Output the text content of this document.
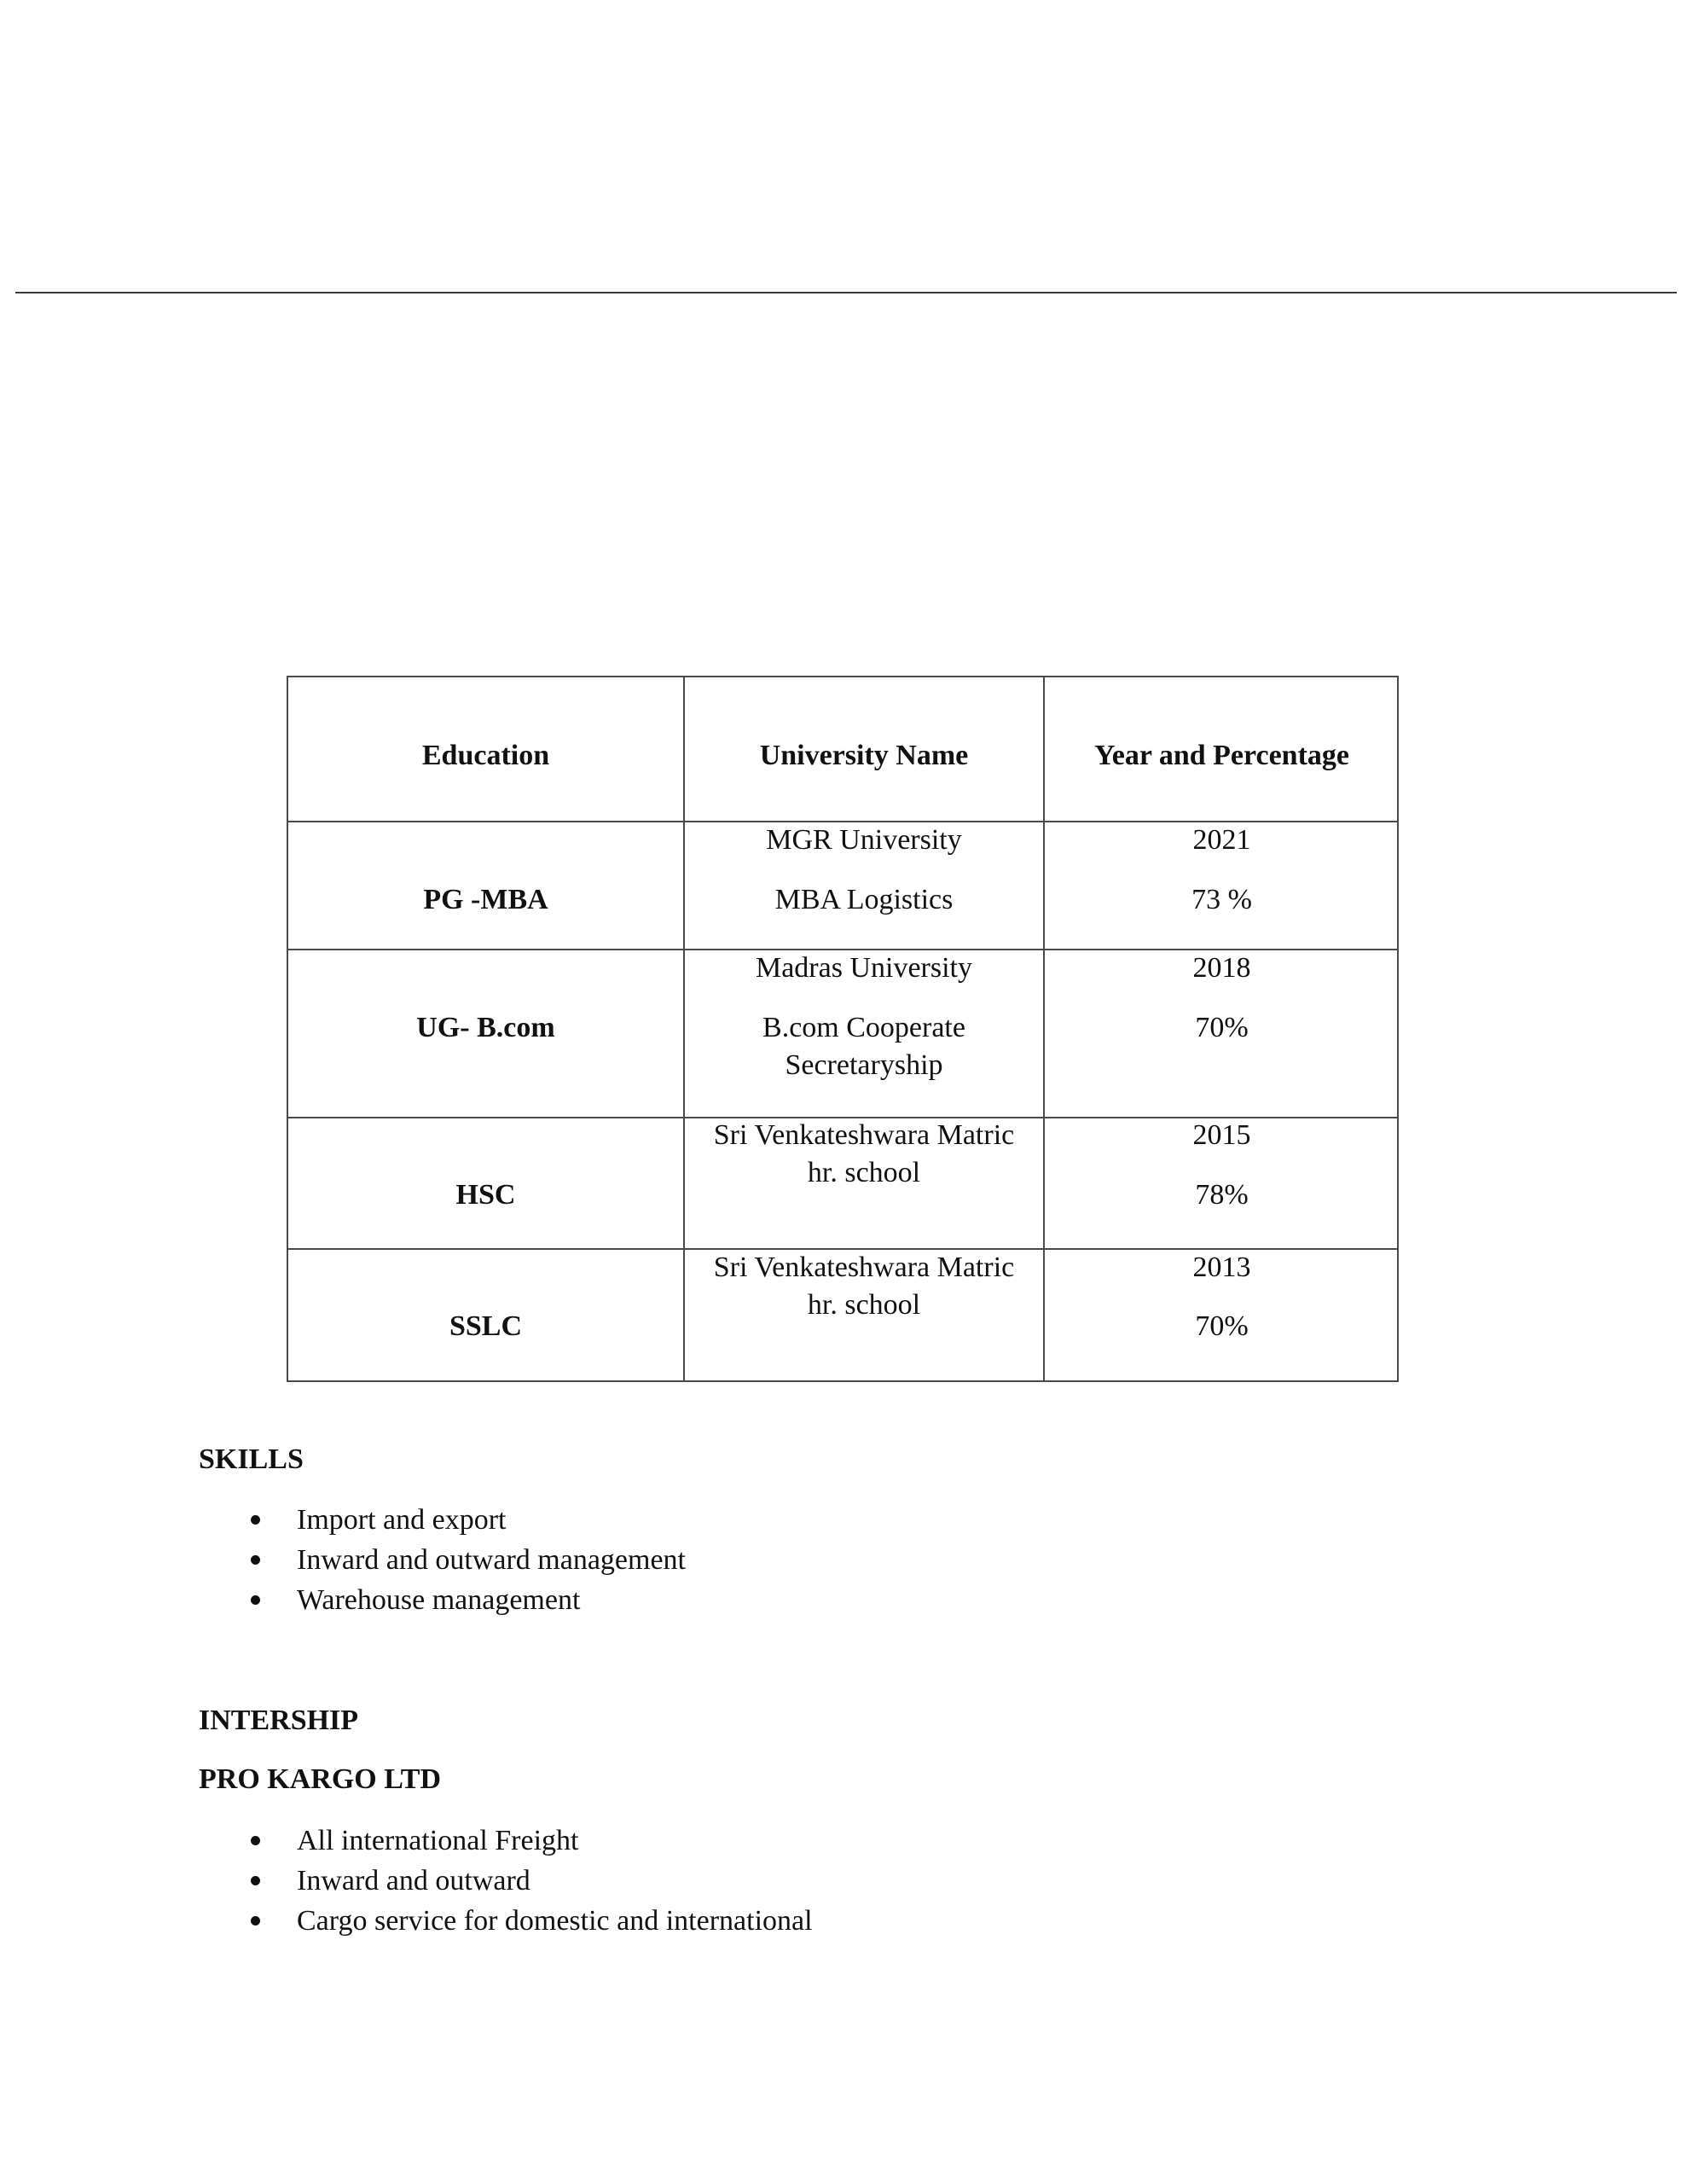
Education	University Name	Year and Percentage
PG -MBA
MGR University
MBA Logistics
2021
73 %
UG- B.com
Madras University
B.com Cooperate
Secretaryship
2018
70%
HSC
Sri Venkateshwara Matric
hr. school
2015
78%
SSLC
Sri Venkateshwara Matric
hr. school
2013
70%
SKILLS
Import and export
Inward and outward management
Warehouse management
INTERSHIP
PRO KARGO LTD
All international Freight
Inward and outward
Cargo service for domestic and international
